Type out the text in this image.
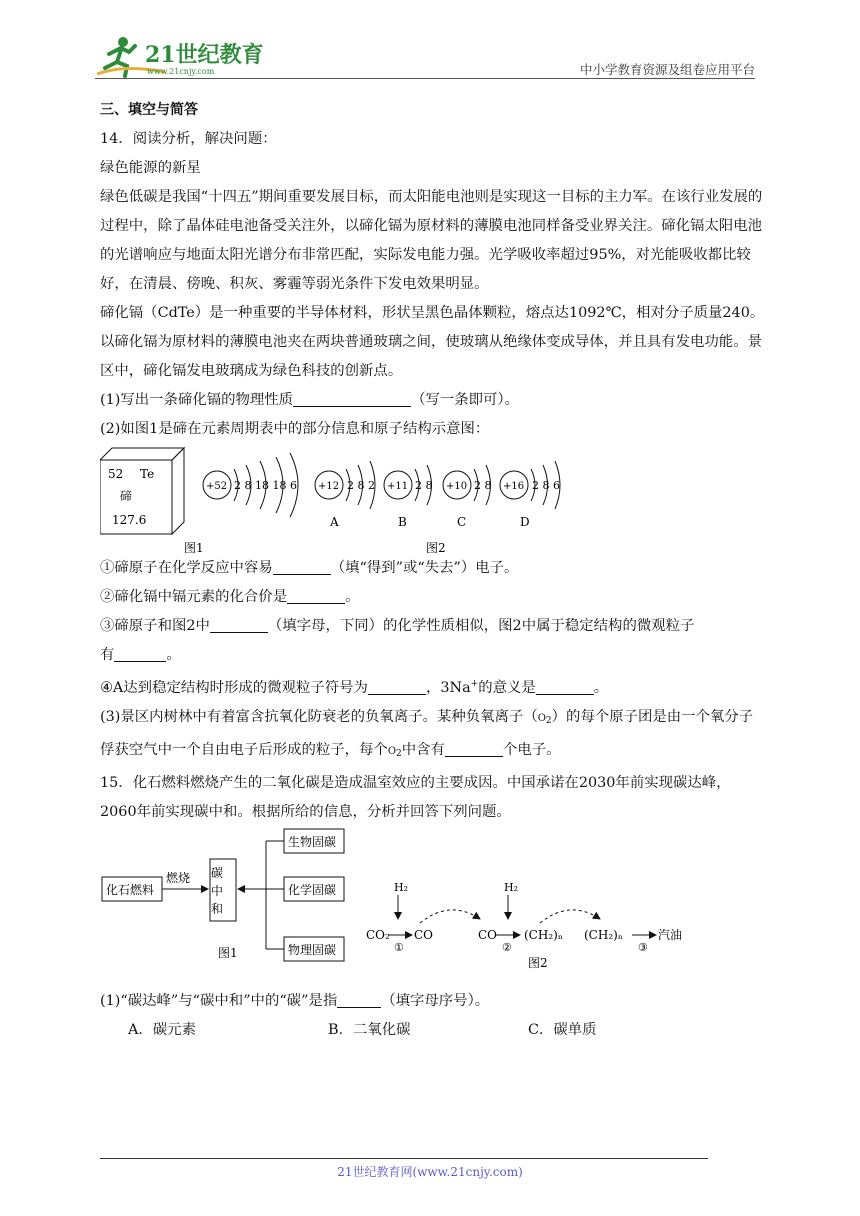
21世纪教育
www.21cnjy.com	中小学教育资源及组卷应用平台

三、填空与简答

14．阅读分析，解决问题：

绿色能源的新星

绿色低碳是我国“十四五”期间重要发展目标，而太阳能电池则是实现这一目标的主力军。在该行业发展的过程中，除了晶体硅电池备受关注外，以碲化镉为原材料的薄膜电池同样备受业界关注。碲化镉太阳电池的光谱响应与地面太阳光谱分布非常匹配，实际发电能力强。光学吸收率超过95%，对光能吸收都比较好，在清晨、傍晚、积灰、雾霾等弱光条件下发电效果明显。

碲化镉（CdTe）是一种重要的半导体材料，形状呈黑色晶体颗粒，熔点达1092℃，相对分子质量240。以碲化镉为原材料的薄膜电池夹在两块普通玻璃之间，使玻璃从绝缘体变成导体，并且具有发电功能。景区中，碲化镉发电玻璃成为绿色科技的创新点。

(1)写出一条碲化镉的物理性质	（写一条即可）。

(2)如图1是碲在元素周期表中的部分信息和原子结构示意图：

52 Te
碲
127.6
+52 2 8 18 18 6 +12 2 8 2
A
+11 2 8
B
+10 2 8
C
+16 2 8 6
D
图1	图2

①碲原子在化学反应中容易	（填“得到”或“失去”）电子。

②碲化镉中镉元素的化合价是	。

③碲原子和图2中	（填字母，下同）的化学性质相似，图2中属于稳定结构的微观粒子
有	。

④A达到稳定结构时形成的微观粒子符号为	，3Na+的意义是	。

(3)景区内树林中有着富含抗氧化防衰老的负氧离子。某种负氧离子$(O_2)$的每个原子团是由一个氧分子俘获空气中一个自由电子后形成的粒子，每个$O_2$中含有	个电子。

15．化石燃料燃烧产生的二氧化碳是造成温室效应的主要成因。中国承诺在2030年前实现碳达峰，2060年前实现碳中和。根据所给的信息，分析并回答下列问题。

化石燃料
燃烧 碳中和
生物固碳
化学固碳
物理固碳
图1
H₂
CO₂
①
CO
H₂
CO
②
(CH₂)ₙ (CH₂)ₙ
③
汽油
图2

(1)“碳达峰”与“碳中和”中的“碳”是指	（填字母序号）。

A．碳元素	B．二氧化碳	C．碳单质

21世纪教育网(www.21cnjy.com)
